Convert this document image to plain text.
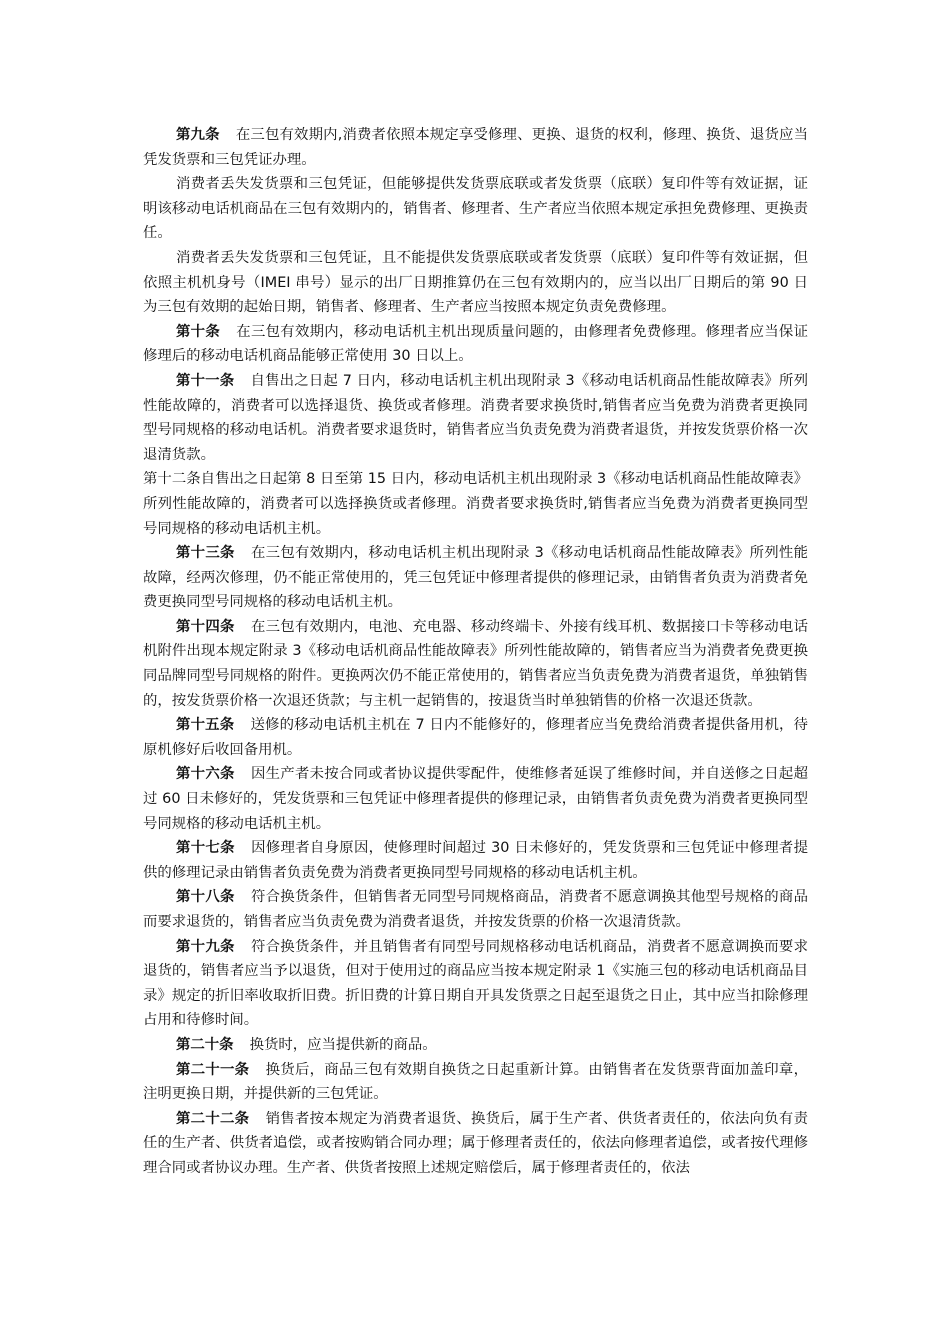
第九条 在三包有效期内,消费者依照本规定享受修理、更换、退货的权利，修理、换货、退货应当凭发货票和三包凭证办理。

消费者丢失发货票和三包凭证，但能够提供发货票底联或者发货票（底联）复印件等有效证据，证明该移动电话机商品在三包有效期内的，销售者、修理者、生产者应当依照本规定承担免费修理、更换责任。

消费者丢失发货票和三包凭证，且不能提供发货票底联或者发货票（底联）复印件等有效证据，但依照主机机身号（IMEI 串号）显示的出厂日期推算仍在三包有效期内的，应当以出厂日期后的第 90 日为三包有效期的起始日期，销售者、修理者、生产者应当按照本规定负责免费修理。

第十条 在三包有效期内，移动电话机主机出现质量问题的，由修理者免费修理。修理者应当保证修理后的移动电话机商品能够正常使用 30 日以上。

第十一条 自售出之日起 7 日内，移动电话机主机出现附录 3《移动电话机商品性能故障表》所列性能故障的，消费者可以选择退货、换货或者修理。消费者要求换货时,销售者应当免费为消费者更换同型号同规格的移动电话机。消费者要求退货时，销售者应当负责免费为消费者退货，并按发货票价格一次退清货款。

第十二条自售出之日起第 8 日至第 15 日内，移动电话机主机出现附录 3《移动电话机商品性能故障表》所列性能故障的，消费者可以选择换货或者修理。消费者要求换货时,销售者应当免费为消费者更换同型号同规格的移动电话机主机。

第十三条 在三包有效期内，移动电话机主机出现附录 3《移动电话机商品性能故障表》所列性能故障，经两次修理，仍不能正常使用的，凭三包凭证中修理者提供的修理记录，由销售者负责为消费者免费更换同型号同规格的移动电话机主机。

第十四条 在三包有效期内，电池、充电器、移动终端卡、外接有线耳机、数据接口卡等移动电话机附件出现本规定附录 3《移动电话机商品性能故障表》所列性能故障的，销售者应当为消费者免费更换同品牌同型号同规格的附件。更换两次仍不能正常使用的，销售者应当负责免费为消费者退货，单独销售的，按发货票价格一次退还货款；与主机一起销售的，按退货当时单独销售的价格一次退还货款。

第十五条 送修的移动电话机主机在 7 日内不能修好的，修理者应当免费给消费者提供备用机，待原机修好后收回备用机。

第十六条 因生产者未按合同或者协议提供零配件，使维修者延误了维修时间，并自送修之日起超过 60 日未修好的，凭发货票和三包凭证中修理者提供的修理记录，由销售者负责免费为消费者更换同型号同规格的移动电话机主机。

第十七条 因修理者自身原因，使修理时间超过 30 日未修好的，凭发货票和三包凭证中修理者提供的修理记录由销售者负责免费为消费者更换同型号同规格的移动电话机主机。

第十八条 符合换货条件，但销售者无同型号同规格商品，消费者不愿意调换其他型号规格的商品而要求退货的，销售者应当负责免费为消费者退货，并按发货票的价格一次退清货款。

第十九条 符合换货条件，并且销售者有同型号同规格移动电话机商品，消费者不愿意调换而要求退货的，销售者应当予以退货，但对于使用过的商品应当按本规定附录 1《实施三包的移动电话机商品目录》规定的折旧率收取折旧费。折旧费的计算日期自开具发货票之日起至退货之日止，其中应当扣除修理占用和待修时间。

第二十条 换货时，应当提供新的商品。

第二十一条 换货后，商品三包有效期自换货之日起重新计算。由销售者在发货票背面加盖印章，注明更换日期，并提供新的三包凭证。

第二十二条 销售者按本规定为消费者退货、换货后，属于生产者、供货者责任的，依法向负有责任的生产者、供货者追偿，或者按购销合同办理；属于修理者责任的，依法向修理者追偿，或者按代理修理合同或者协议办理。生产者、供货者按照上述规定赔偿后，属于修理者责任的，依法
